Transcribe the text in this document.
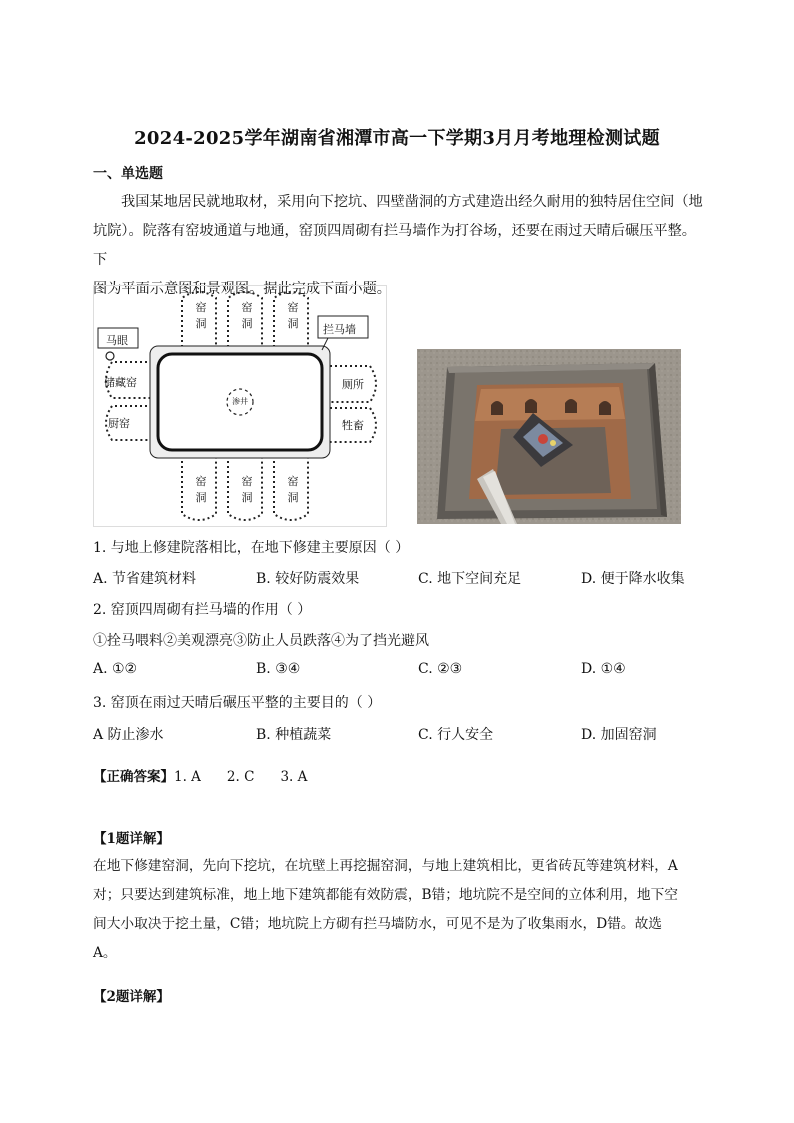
2024-2025学年湖南省湘潭市高一下学期3月月考地理检测试题
一、单选题
我国某地居民就地取材，采用向下挖坑、四壁凿洞的方式建造出经久耐用的独特居住空间（地
坑院）。院落有窑坡通道与地通，窑顶四周砌有拦马墙作为打谷场，还要在雨过天晴后碾压平整。下
图为平面示意图和景观图。据此完成下面小题。
窑洞
窑洞
窑洞
窑洞
窑洞
窑洞
储藏窑
厨窑
厕所
牲畜
马眼
拦马墙
渗井
1. 与地上修建院落相比，在地下修建主要原因（ ）
A. 节省建筑材料	B. 较好防震效果	C. 地下空间充足	D. 便于降水收集
2. 窑顶四周砌有拦马墙的作用（ ）
①拴马喂料②美观漂亮③防止人员跌落④为了挡光避风
A. ①②	B. ③④	C. ②③	D. ①④
3. 窑顶在雨过天晴后碾压平整的主要目的（ ）
A 防止渗水	B. 种植蔬菜	C. 行人安全	D. 加固窑洞
【正确答案】1. A 2. C 3. A
【1题详解】
在地下修建窑洞，先向下挖坑，在坑壁上再挖掘窑洞，与地上建筑相比，更省砖瓦等建筑材料，A
对；只要达到建筑标准，地上地下建筑都能有效防震，B错；地坑院不是空间的立体利用，地下空
间大小取决于挖土量，C错；地坑院上方砌有拦马墙防水，可见不是为了收集雨水，D错。故选
A。
【2题详解】
